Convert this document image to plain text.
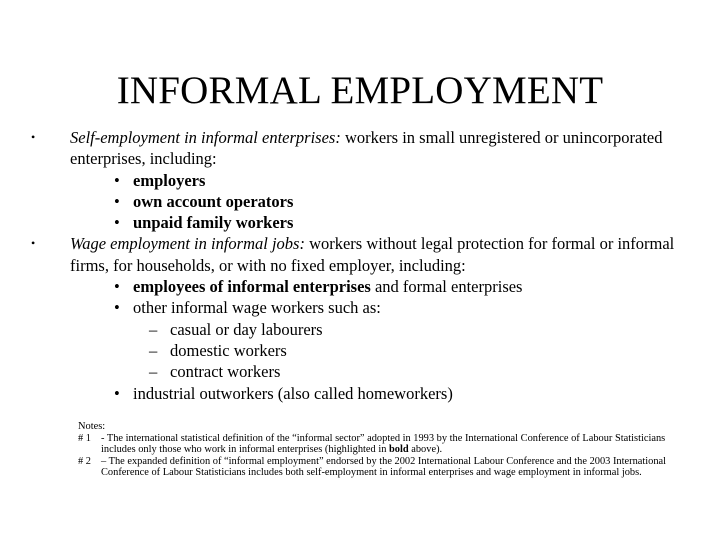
INFORMAL EMPLOYMENT
• Self-employment in informal enterprises: workers in small unregistered or unincorporated enterprises, including:
• employers
• own account operators
• unpaid family workers
• Wage employment in informal jobs: workers without legal protection for formal or informal firms, for households, or with no fixed employer, including:
• employees of informal enterprises and formal enterprises
• other informal wage workers such as:
– casual or day labourers
– domestic workers
– contract workers
• industrial outworkers (also called homeworkers)
Notes:
# 1 - The international statistical definition of the “informal sector” adopted in 1993 by the International Conference of Labour Statisticians includes only those who work in informal enterprises (highlighted in bold above).
# 2 – The expanded definition of “informal employment” endorsed by the 2002 International Labour Conference and the 2003 International Conference of Labour Statisticians includes both self-employment in informal enterprises and wage employment in informal jobs.
